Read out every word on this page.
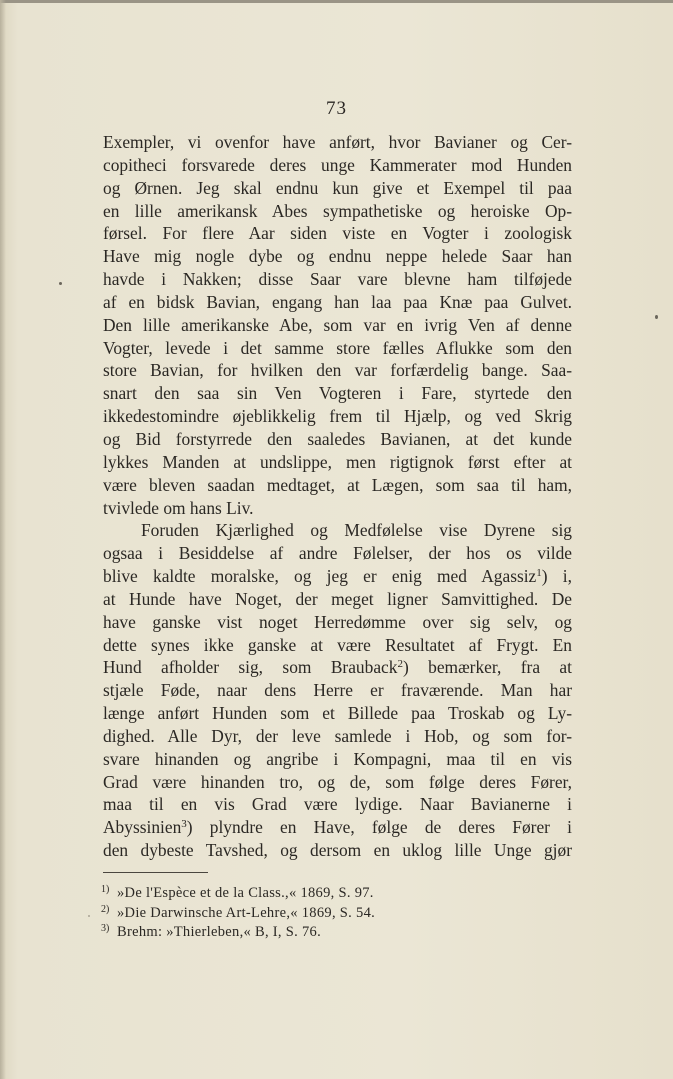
73
Exempler, vi ovenfor have anført, hvor Bavianer og Cer-
copitheci forsvarede deres unge Kammerater mod Hunden
og Ørnen. Jeg skal endnu kun give et Exempel til paa
en lille amerikansk Abes sympathetiske og heroiske Op-
førsel. For flere Aar siden viste en Vogter i zoologisk
Have mig nogle dybe og endnu neppe helede Saar han
havde i Nakken; disse Saar vare blevne ham tilføjede
af en bidsk Bavian, engang han laa paa Knæ paa Gulvet.
Den lille amerikanske Abe, som var en ivrig Ven af denne
Vogter, levede i det samme store fælles Aflukke som den
store Bavian, for hvilken den var forfærdelig bange. Saa-
snart den saa sin Ven Vogteren i Fare, styrtede den
ikkedestomindre øjeblikkelig frem til Hjælp, og ved Skrig
og Bid forstyrrede den saaledes Bavianen, at det kunde
lykkes Manden at undslippe, men rigtignok først efter at
være bleven saadan medtaget, at Lægen, som saa til ham,
tvivlede om hans Liv.
Foruden Kjærlighed og Medfølelse vise Dyrene sig
ogsaa i Besiddelse af andre Følelser, der hos os vilde
blive kaldte moralske, og jeg er enig med Agassiz$^1$) i,
at Hunde have Noget, der meget ligner Samvittighed. De
have ganske vist noget Herredømme over sig selv, og
dette synes ikke ganske at være Resultatet af Frygt. En
Hund afholder sig, som Brauback$^2$) bemærker, fra at
stjæle Føde, naar dens Herre er fraværende. Man har
længe anført Hunden som et Billede paa Troskab og Ly-
dighed. Alle Dyr, der leve samlede i Hob, og som for-
svare hinanden og angribe i Kompagni, maa til en vis
Grad være hinanden tro, og de, som følge deres Fører,
maa til en vis Grad være lydige. Naar Bavianerne i
Abyssinien$^3$) plyndre en Have, følge de deres Fører i
den dybeste Tavshed, og dersom en uklog lille Unge gjør
1) »De l'Espèce et de la Class.,« 1869, S. 97.
2) »Die Darwinsche Art-Lehre,« 1869, S. 54.
3) Brehm: »Thierleben,« B, I, S. 76.
